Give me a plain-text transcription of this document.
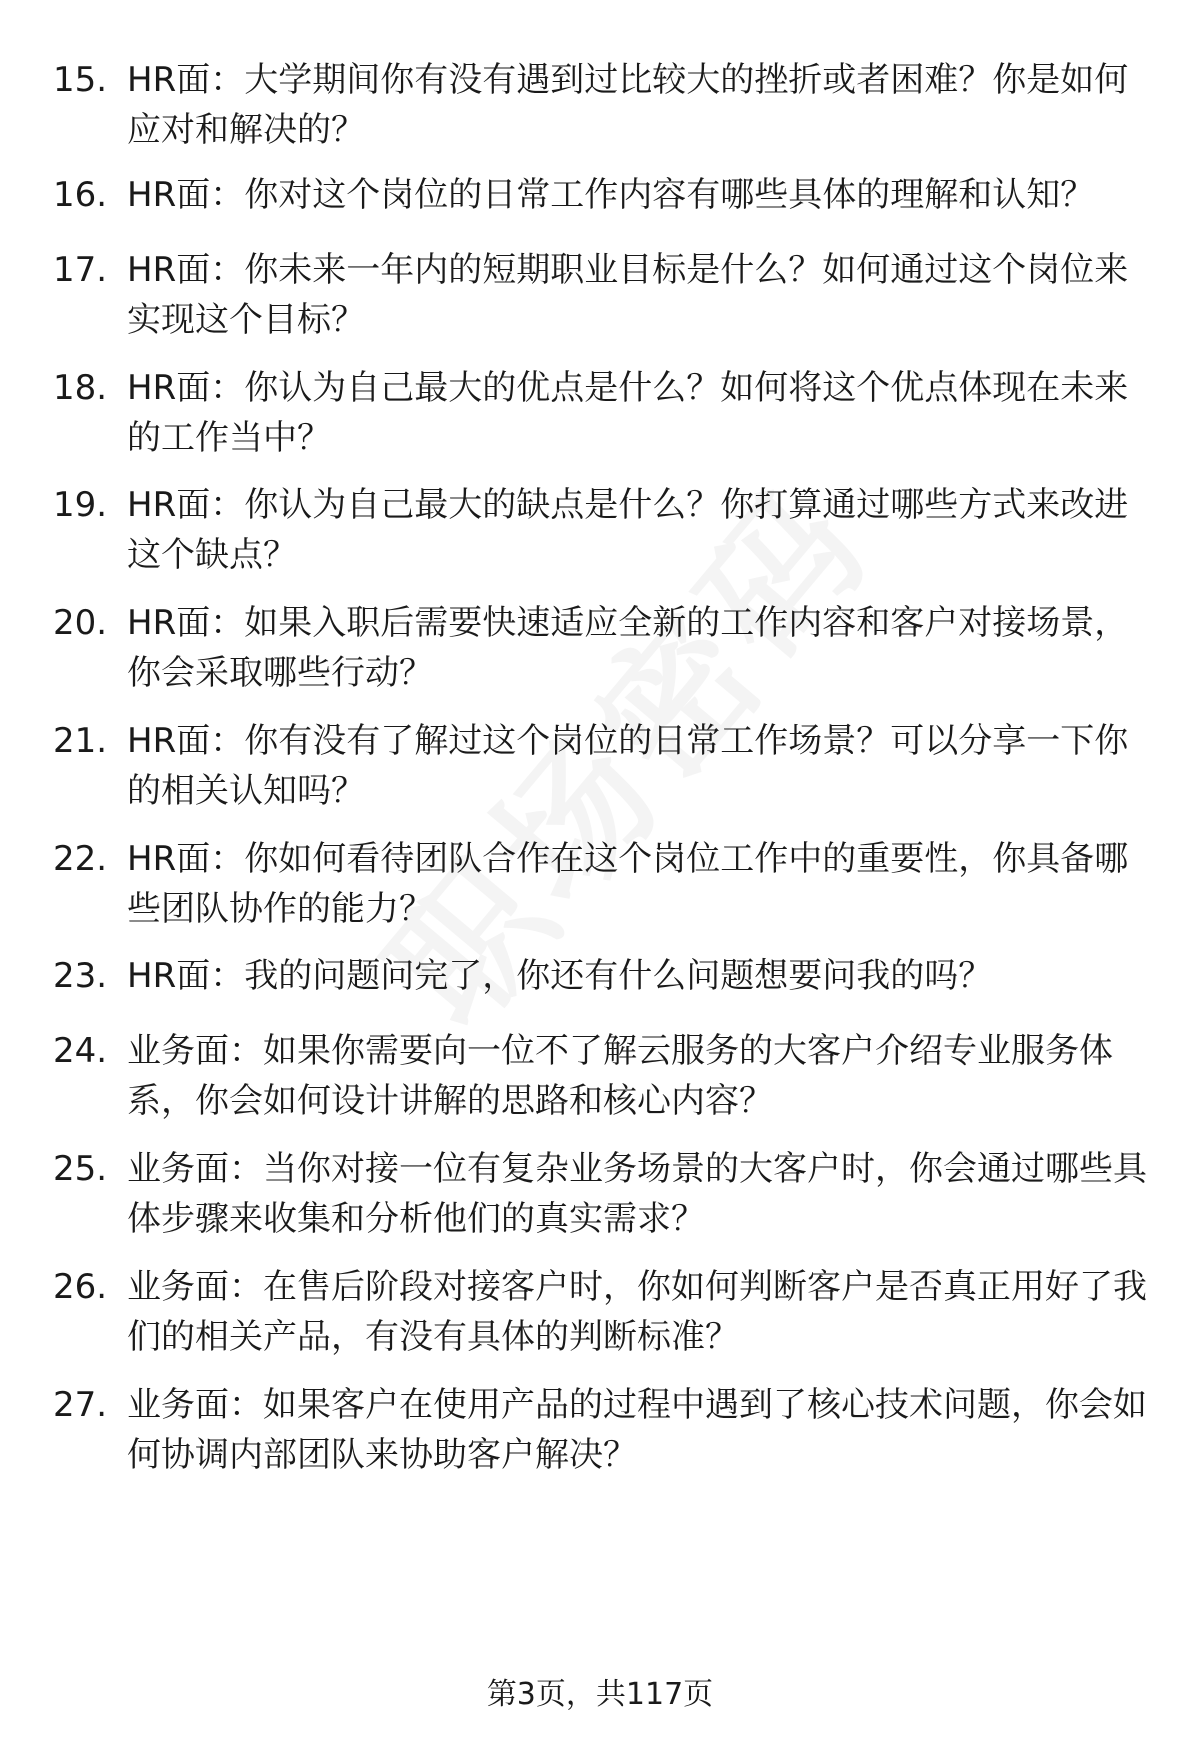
15. HR面：大学期间你有没有遇到过比较大的挫折或者困难？你是如何应对和解决的？
16. HR面：你对这个岗位的日常工作内容有哪些具体的理解和认知？
17. HR面：你未来一年内的短期职业目标是什么？如何通过这个岗位来实现这个目标？
18. HR面：你认为自己最大的优点是什么？如何将这个优点体现在未来的工作当中？
19. HR面：你认为自己最大的缺点是什么？你打算通过哪些方式来改进这个缺点？
20. HR面：如果入职后需要快速适应全新的工作内容和客户对接场景，你会采取哪些行动？
21. HR面：你有没有了解过这个岗位的日常工作场景？可以分享一下你的相关认知吗？
22. HR面：你如何看待团队合作在这个岗位工作中的重要性，你具备哪些团队协作的能力？
23. HR面：我的问题问完了，你还有什么问题想要问我的吗？
24. 业务面：如果你需要向一位不了解云服务的大客户介绍专业服务体系，你会如何设计讲解的思路和核心内容？
25. 业务面：当你对接一位有复杂业务场景的大客户时，你会通过哪些具体步骤来收集和分析他们的真实需求？
26. 业务面：在售后阶段对接客户时，你如何判断客户是否真正用好了我们的相关产品，有没有具体的判断标准？
27. 业务面：如果客户在使用产品的过程中遇到了核心技术问题，你会如何协调内部团队来协助客户解决？
第3页，共117页
